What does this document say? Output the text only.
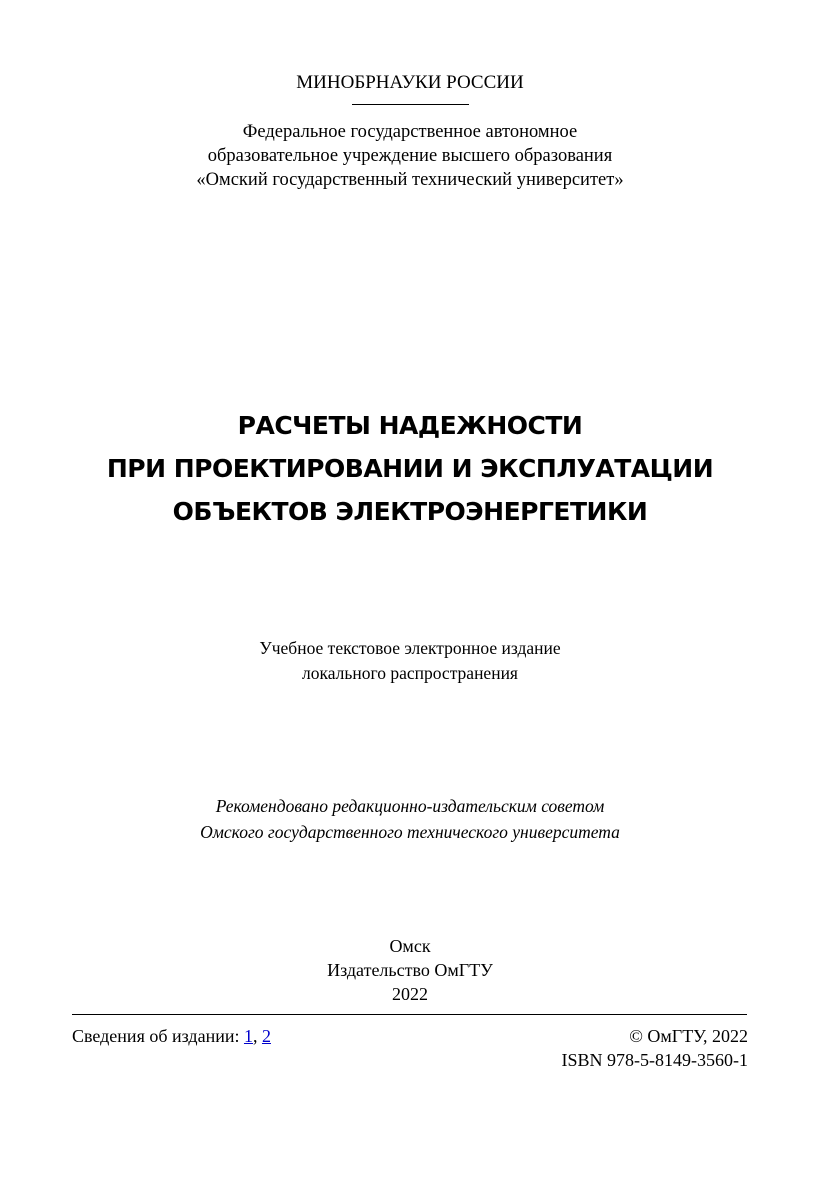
МИНОБРНАУКИ РОССИИ
Федеральное государственное автономное
образовательное учреждение высшего образования
«Омский государственный технический университет»
РАСЧЕТЫ НАДЕЖНОСТИ
ПРИ ПРОЕКТИРОВАНИИ И ЭКСПЛУАТАЦИИ
ОБЪЕКТОВ ЭЛЕКТРОЭНЕРГЕТИКИ
Учебное текстовое электронное издание
локального распространения
Рекомендовано редакционно-издательским советом
Омского государственного технического университета
Омск
Издательство ОмГТУ
2022
Сведения об издании: 1, 2	© ОмГТУ, 2022
ISBN 978-5-8149-3560-1
